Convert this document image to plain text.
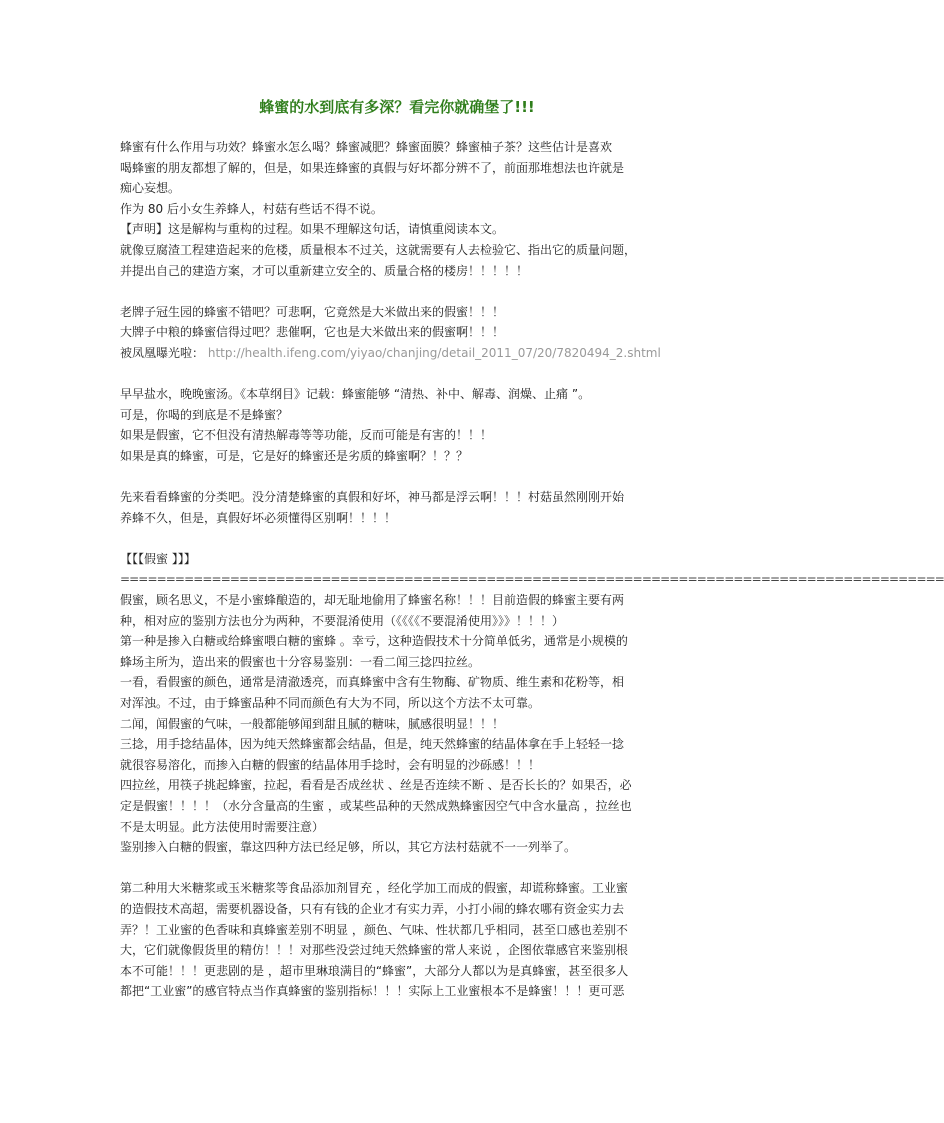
蜂蜜的水到底有多深？看完你就确堡了!!!
蜂蜜有什么作用与功效？蜂蜜水怎么喝？蜂蜜减肥？蜂蜜面膜？蜂蜜柚子茶？这些估计是喜欢
喝蜂蜜的朋友都想了解的，但是，如果连蜂蜜的真假与好坏都分辨不了，前面那堆想法也许就是
痴心妄想。
作为 80 后小女生养蜂人，村菇有些话不得不说。
【声明】这是解构与重构的过程。如果不理解这句话，请慎重阅读本文。
就像豆腐渣工程建造起来的危楼，质量根本不过关，这就需要有人去检验它、指出它的质量问题，
并提出自己的建造方案，才可以重新建立安全的、质量合格的楼房！！！！！
老牌子冠生园的蜂蜜不错吧？可悲啊，它竟然是大米做出来的假蜜！！！
大牌子中粮的蜂蜜信得过吧？悲催啊，它也是大米做出来的假蜜啊！！！
被凤凰曝光啦： http://health.ifeng.com/yiyao/chanjing/detail_2011_07/20/7820494_2.shtml
早早盐水，晚晚蜜汤。《本草纲目》记载：蜂蜜能够 “清热、补中、解毒、润燥、止痛 ”。
可是，你喝的到底是不是蜂蜜？
如果是假蜜，它不但没有清热解毒等等功能，反而可能是有害的！！！
如果是真的蜂蜜，可是，它是好的蜂蜜还是劣质的蜂蜜啊？！？？
先来看看蜂蜜的分类吧。没分清楚蜂蜜的真假和好坏，神马都是浮云啊！！！村菇虽然刚刚开始
养蜂不久，但是，真假好坏必须懂得区别啊！！！！
【【【假蜜 】】】
==========================================================================================
假蜜，顾名思义，不是小蜜蜂酿造的，却无耻地偷用了蜂蜜名称！！！目前造假的蜂蜜主要有两
种，相对应的鉴别方法也分为两种，不要混淆使用（《《《《不要混淆使用》》》！！！）
第一种是掺入白糖或给蜂蜜喂白糖的蜜蜂 。幸亏，这种造假技术十分简单低劣，通常是小规模的
蜂场主所为，造出来的假蜜也十分容易鉴别：一看二闻三捻四拉丝。
一看，看假蜜的颜色，通常是清澈透亮，而真蜂蜜中含有生物酶、矿物质、维生素和花粉等，相
对浑浊。不过，由于蜂蜜品种不同而颜色有大为不同，所以这个方法不太可靠。
二闻，闻假蜜的气味，一般都能够闻到甜且腻的糖味，腻感很明显！！！
三捻，用手捻结晶体，因为纯天然蜂蜜都会结晶，但是，纯天然蜂蜜的结晶体拿在手上轻轻一捻
就很容易溶化，而掺入白糖的假蜜的结晶体用手捻时，会有明显的沙砾感！！！
四拉丝，用筷子挑起蜂蜜，拉起，看看是否成丝状 、丝是否连续不断 、是否长长的？如果否，必
定是假蜜！！！！（水分含量高的生蜜 ，或某些品种的天然成熟蜂蜜因空气中含水量高 ，拉丝也
不是太明显。此方法使用时需要注意）
鉴别掺入白糖的假蜜，靠这四种方法已经足够，所以，其它方法村菇就不一一列举了。
第二种用大米糖浆或玉米糖浆等食品添加剂冒充 ，经化学加工而成的假蜜，却谎称蜂蜜。工业蜜
的造假技术高超，需要机器设备，只有有钱的企业才有实力弄，小打小闹的蜂农哪有资金实力去
弄？！工业蜜的色香味和真蜂蜜差别不明显 ，颜色、气味、性状都几乎相同，甚至口感也差别不
大，它们就像假货里的精仿！！！对那些没尝过纯天然蜂蜜的常人来说 ，企图依靠感官来鉴别根
本不可能！！！更悲剧的是 ，超市里琳琅满目的“蜂蜜”，大部分人都以为是真蜂蜜，甚至很多人
都把“工业蜜”的感官特点当作真蜂蜜的鉴别指标！！！实际上工业蜜根本不是蜂蜜！！！更可恶
